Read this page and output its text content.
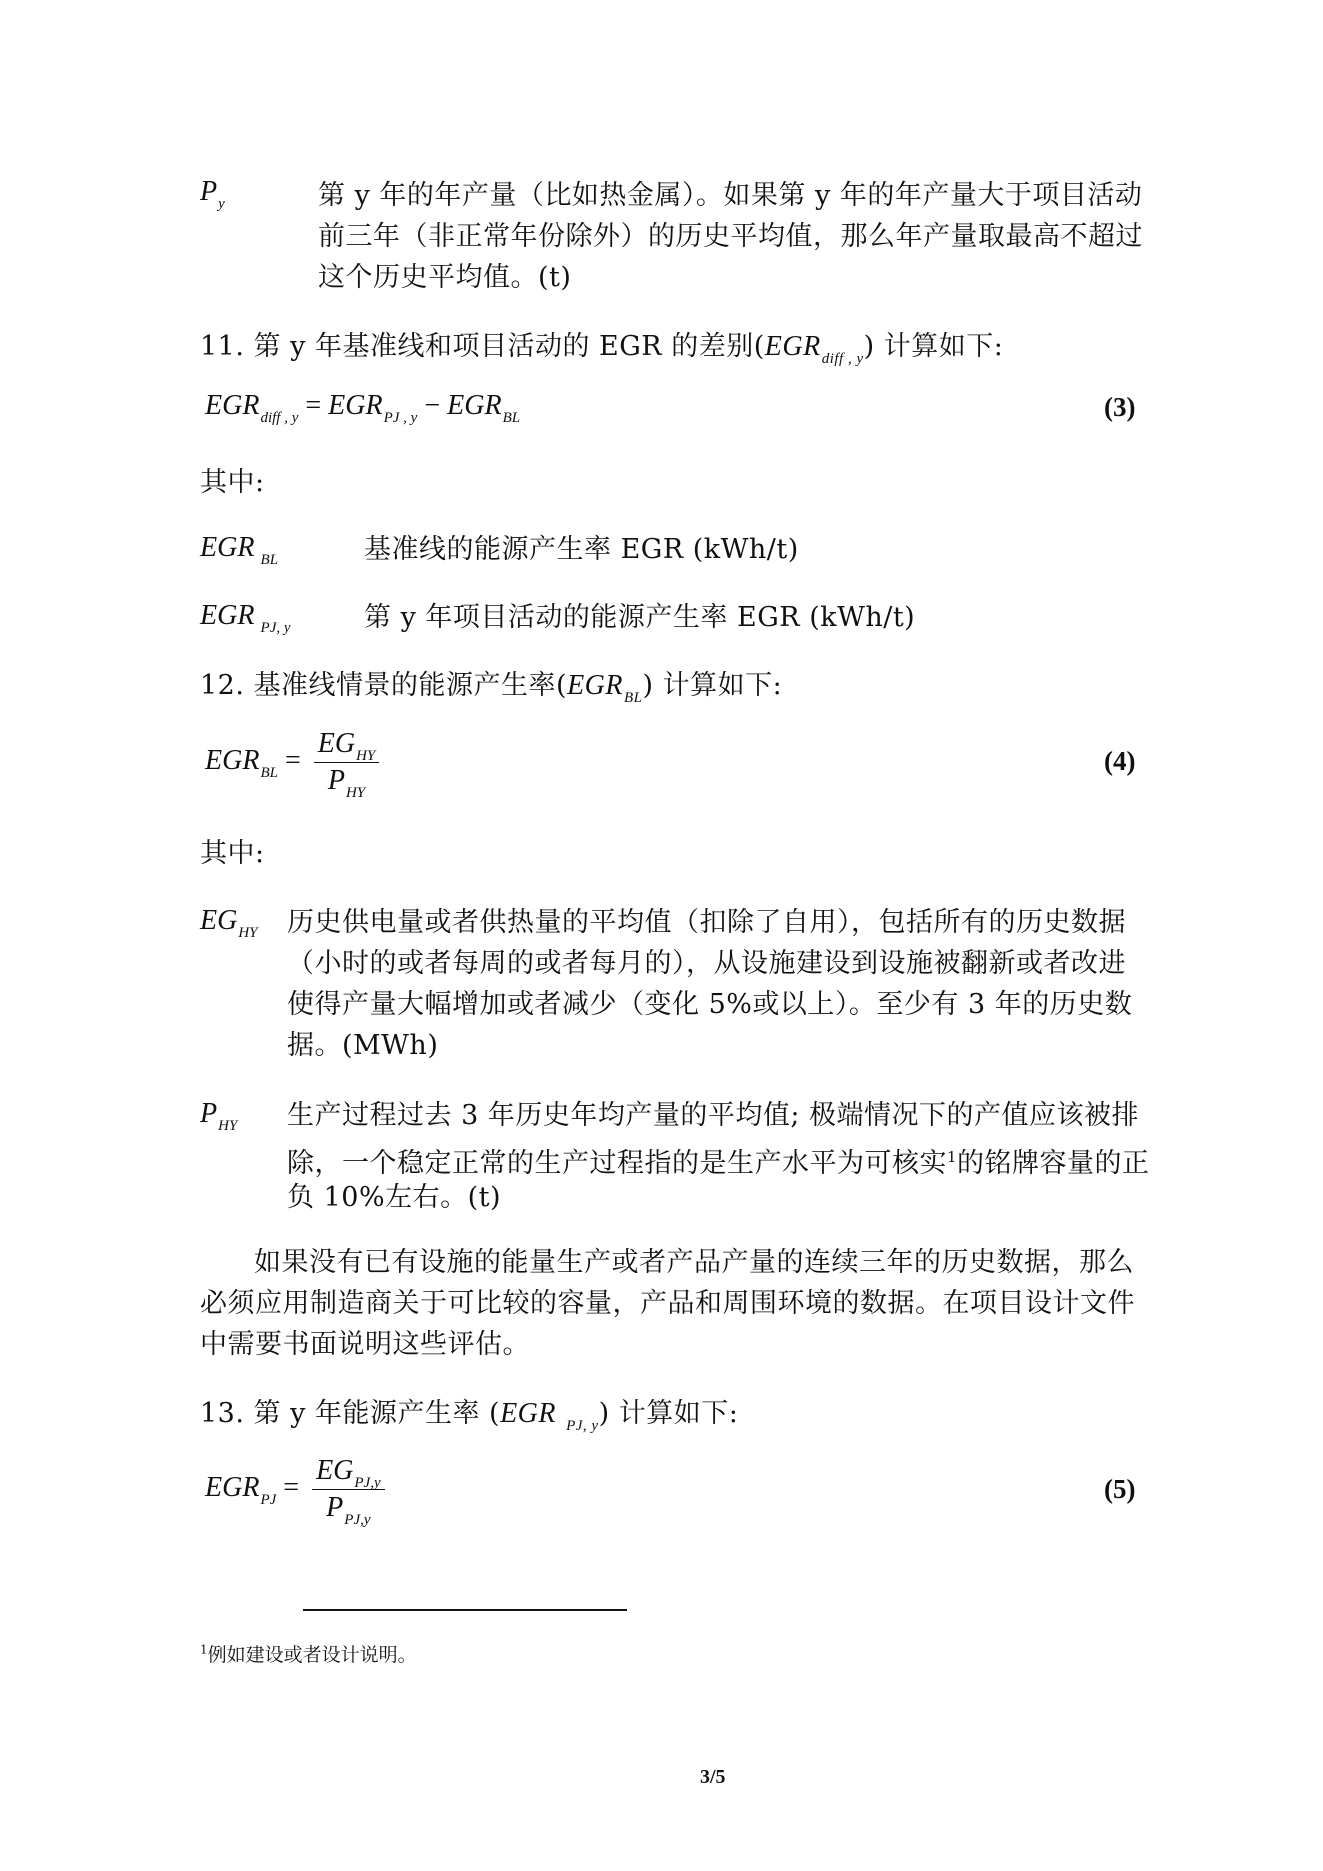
Py	第 y 年的年产量（比如热金属）。如果第 y 年的年产量大于项目活动
前三年（非正常年份除外）的历史平均值，那么年产量取最高不超过
这个历史平均值。(t)
11. 第 y 年基准线和项目活动的 EGR 的差别$(EGR_{diff , y})$ 计算如下:
$EGR_{diff , y} = EGR_{PJ , y} - EGR_{BL}$	(3)
其中:
EGR BL	基准线的能源产生率 EGR (kWh/t)
EGR PJ, y	第 y 年项目活动的能源产生率 EGR (kWh/t)
12. 基准线情景的能源产生率$(EGR_{BL})$ 计算如下:
$EGR_{BL} = \frac{EG_{HY}}{P_{HY}}$	(4)
其中:
EGHY 历史供电量或者供热量的平均值（扣除了自用），包括所有的历史数据
（小时的或者每周的或者每月的），从设施建设到设施被翻新或者改进
使得产量大幅增加或者减少（变化 5%或以上）。至少有 3 年的历史数
据。(MWh)
PHY 生产过程过去 3 年历史年均产量的平均值; 极端情况下的产值应该被排
除，一个稳定正常的生产过程指的是生产水平为可核实$^1$的铭牌容量的正
负 10%左右。(t)
如果没有已有设施的能量生产或者产品产量的连续三年的历史数据，那么
必须应用制造商关于可比较的容量，产品和周围环境的数据。在项目设计文件
中需要书面说明这些评估。
13. 第 y 年能源产生率 (EGR $_{PJ, y}$) 计算如下:
$EGR_{PJ} = \frac{EG_{PJ,y}}{P_{PJ,y}}$	(5)
$^1$例如建设或者设计说明。
3/5
